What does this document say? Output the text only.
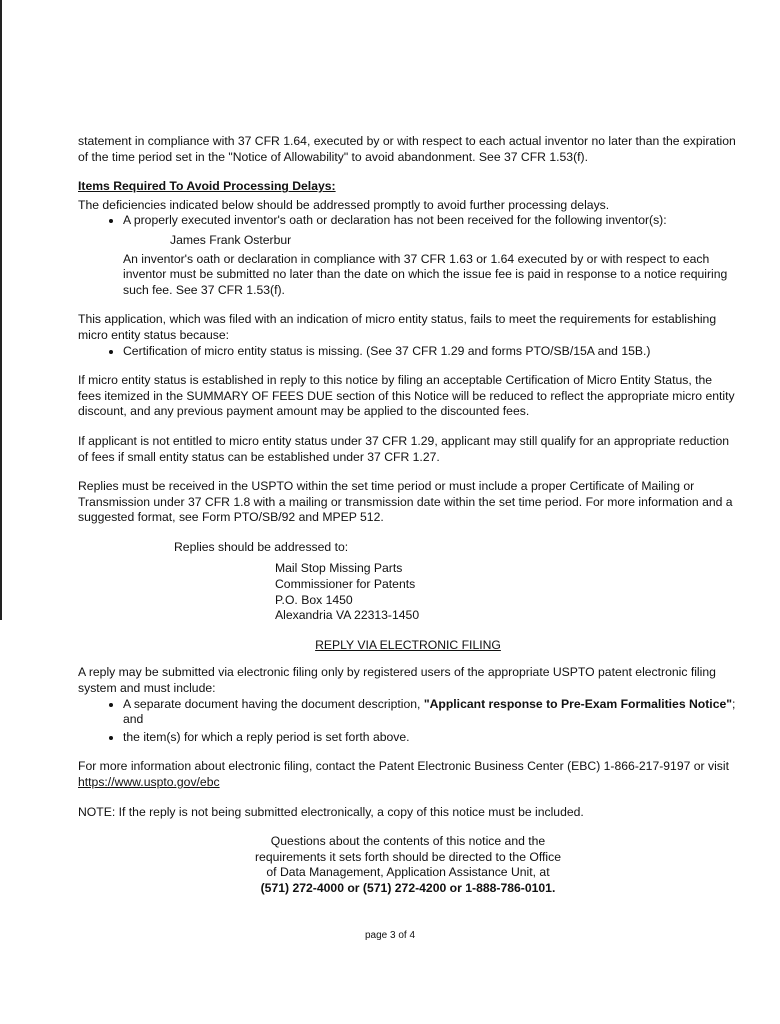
statement in compliance with 37 CFR 1.64, executed by or with respect to each actual inventor no later than the expiration of the time period set in the "Notice of Allowability" to avoid abandonment. See 37 CFR 1.53(f).

Items Required To Avoid Processing Delays:

The deficiencies indicated below should be addressed promptly to avoid further processing delays.

• A properly executed inventor's oath or declaration has not been received for the following inventor(s):

James Frank Osterbur

An inventor's oath or declaration in compliance with 37 CFR 1.63 or 1.64 executed by or with respect to each inventor must be submitted no later than the date on which the issue fee is paid in response to a notice requiring such fee. See 37 CFR 1.53(f).

This application, which was filed with an indication of micro entity status, fails to meet the requirements for establishing micro entity status because:

• Certification of micro entity status is missing. (See 37 CFR 1.29 and forms PTO/SB/15A and 15B.)

If micro entity status is established in reply to this notice by filing an acceptable Certification of Micro Entity Status, the fees itemized in the SUMMARY OF FEES DUE section of this Notice will be reduced to reflect the appropriate micro entity discount, and any previous payment amount may be applied to the discounted fees.

If applicant is not entitled to micro entity status under 37 CFR 1.29, applicant may still qualify for an appropriate reduction of fees if small entity status can be established under 37 CFR 1.27.

Replies must be received in the USPTO within the set time period or must include a proper Certificate of Mailing or Transmission under 37 CFR 1.8 with a mailing or transmission date within the set time period. For more information and a suggested format, see Form PTO/SB/92 and MPEP 512.

Replies should be addressed to:

Mail Stop Missing Parts
Commissioner for Patents
P.O. Box 1450
Alexandria VA 22313-1450

REPLY VIA ELECTRONIC FILING

A reply may be submitted via electronic filing only by registered users of the appropriate USPTO patent electronic filing system and must include:

• A separate document having the document description, "Applicant response to Pre-Exam Formalities Notice"; and
• the item(s) for which a reply period is set forth above.

For more information about electronic filing, contact the Patent Electronic Business Center (EBC) 1-866-217-9197 or visit https://www.uspto.gov/ebc

NOTE: If the reply is not being submitted electronically, a copy of this notice must be included.

Questions about the contents of this notice and the
requirements it sets forth should be directed to the Office
of Data Management, Application Assistance Unit, at
(571) 272-4000 or (571) 272-4200 or 1-888-786-0101.
page 3 of 4
